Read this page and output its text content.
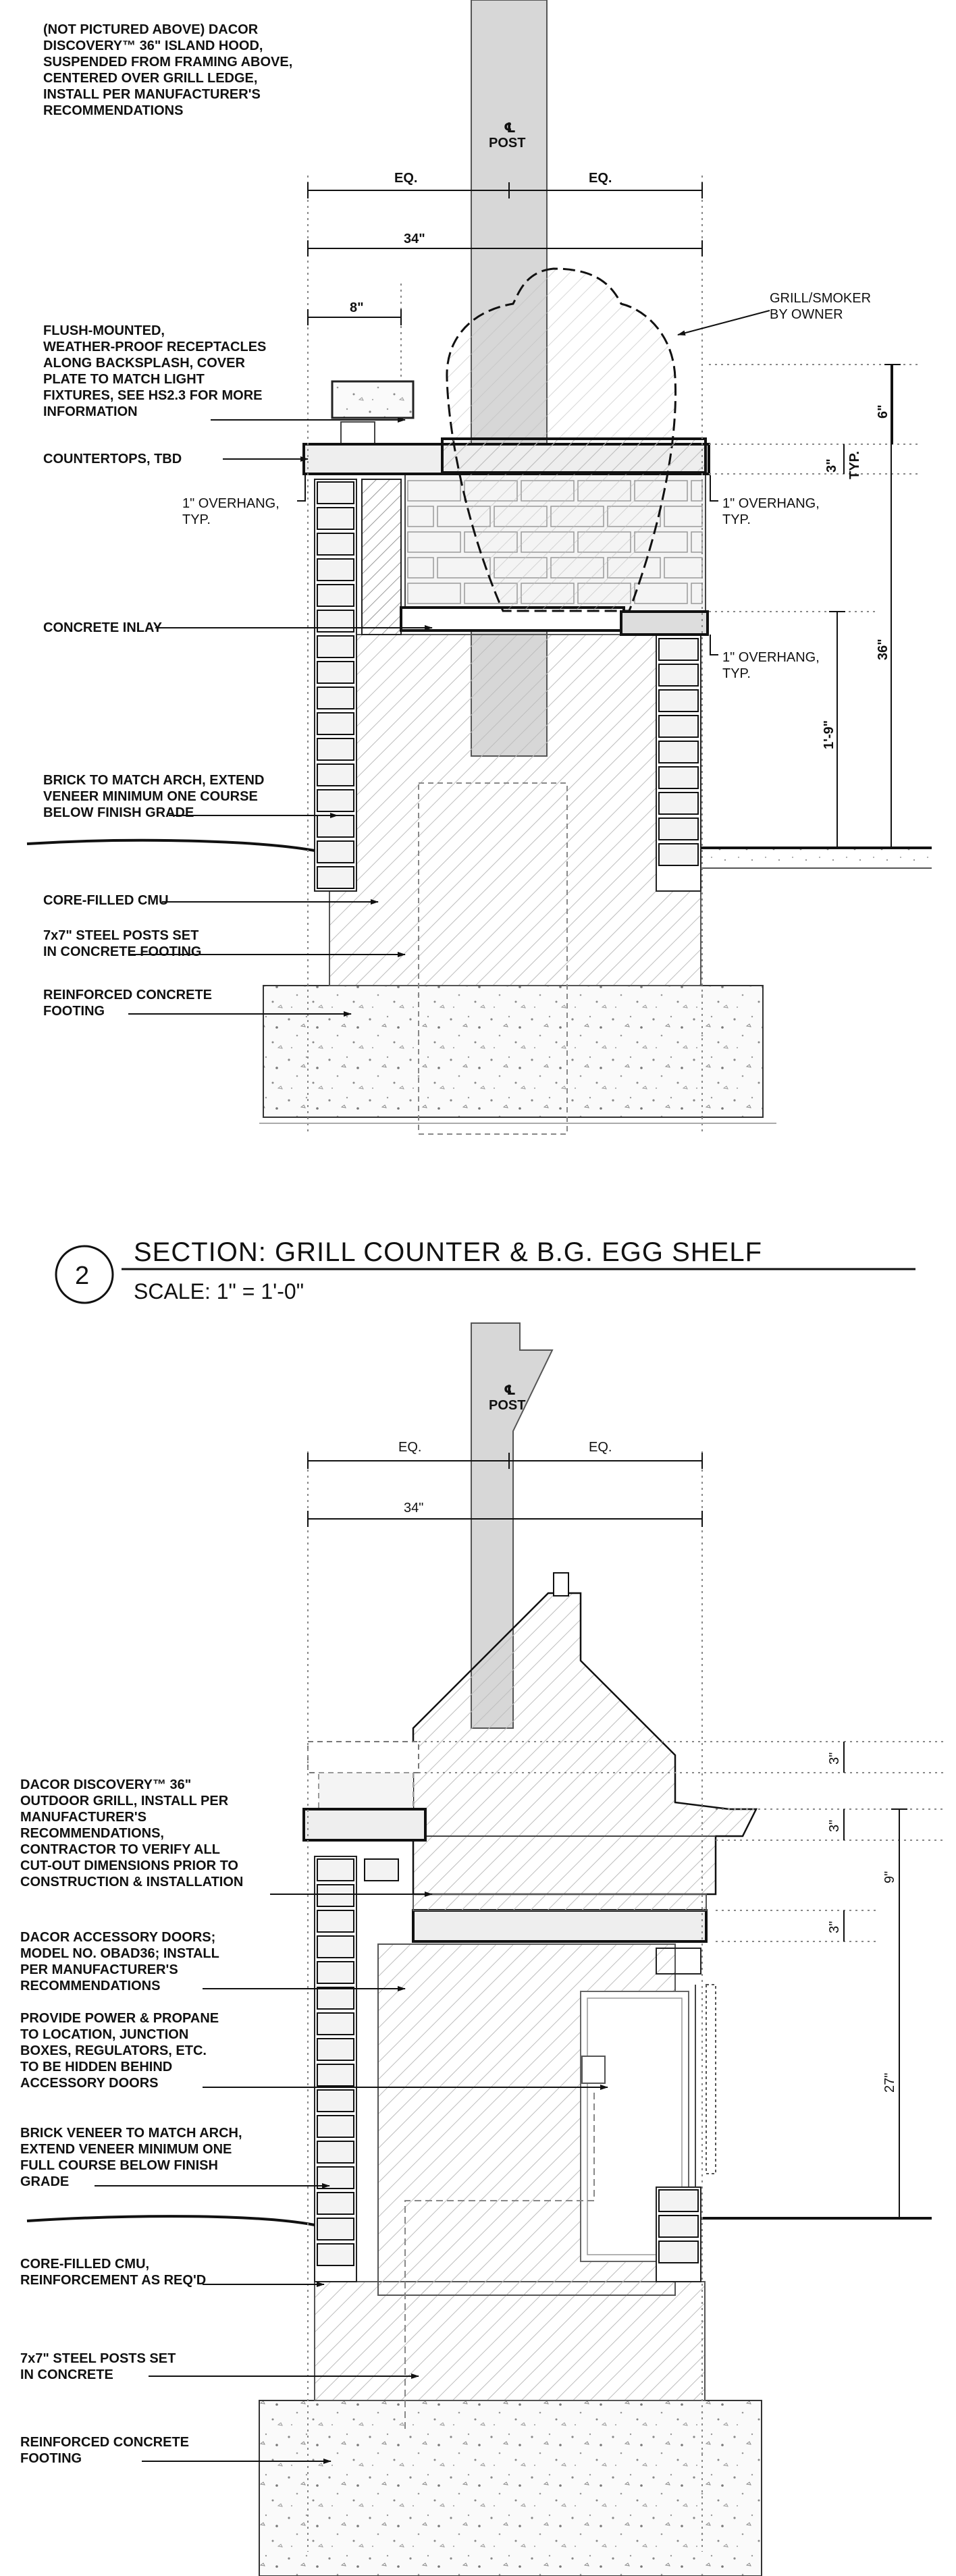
℄
POST
EQ.	EQ.
34"
8"
6"
3" TYP.
36"
1'-9"
(NOT PICTURED ABOVE) DACOR DISCOVERY™ 36" ISLAND HOOD, SUSPENDED FROM FRAMING ABOVE, CENTERED OVER GRILL LEDGE, INSTALL PER MANUFACTURER'S RECOMMENDATIONS
FLUSH-MOUNTED, WEATHER-PROOF RECEPTACLES ALONG BACKSPLASH, COVER PLATE TO MATCH LIGHT FIXTURES, SEE HS2.3 FOR MORE INFORMATION
COUNTERTOPS, TBD
1" OVERHANG, TYP.
CONCRETE INLAY
BRICK TO MATCH ARCH, EXTEND VENEER MINIMUM ONE COURSE BELOW FINISH GRADE
CORE-FILLED CMU
7x7" STEEL POSTS SET IN CONCRETE FOOTING
REINFORCED CONCRETE FOOTING
GRILL/SMOKER BY OWNER
1" OVERHANG, TYP.
1" OVERHANG, TYP.
2
SECTION: GRILL COUNTER & B.G. EGG SHELF
SCALE: 1" = 1'-0"
℄
POST
EQ.	EQ.
34"
3"
3"
3"
9"
27"
DACOR DISCOVERY™ 36" OUTDOOR GRILL, INSTALL PER MANUFACTURER'S RECOMMENDATIONS, CONTRACTOR TO VERIFY ALL CUT-OUT DIMENSIONS PRIOR TO CONSTRUCTION & INSTALLATION
DACOR ACCESSORY DOORS; MODEL NO. OBAD36; INSTALL PER MANUFACTURER'S RECOMMENDATIONS
PROVIDE POWER & PROPANE TO LOCATION, JUNCTION BOXES, REGULATORS, ETC. TO BE HIDDEN BEHIND ACCESSORY DOORS
BRICK VENEER TO MATCH ARCH, EXTEND VENEER MINIMUM ONE FULL COURSE BELOW FINISH GRADE
CORE-FILLED CMU, REINFORCEMENT AS REQ'D
7x7" STEEL POSTS SET IN CONCRETE
REINFORCED CONCRETE FOOTING
